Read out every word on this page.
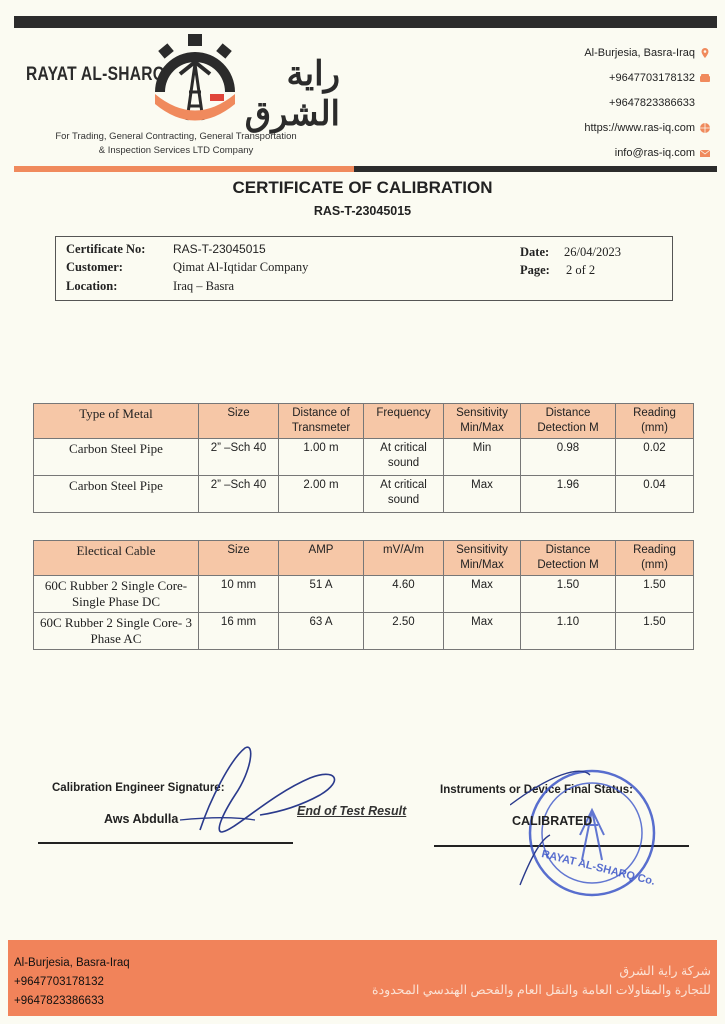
RAYAT AL-SHARQ	راية الشرق
For Trading, General Contracting, General Transportation
& Inspection Services LTD Company
Al-Burjesia, Basra-Iraq
+9647703178132
+9647823386633
https://www.ras-iq.com
info@ras-iq.com
CERTIFICATE OF CALIBRATION
RAS-T-23045015
Certificate No: RAS-T-23045015
Customer:	Qimat Al-Iqtidar Company
Location:	Iraq – Basra
Date: 26/04/2023
Page: 2 of 2
Type of Metal	Size	Distance of Transmeter	Frequency	Sensitivity Min/Max	Distance Detection M	Reading (mm)
Carbon Steel Pipe	2” –Sch 40	1.00 m	At critical sound	Min	0.98	0.02
Carbon Steel Pipe	2” –Sch 40	2.00 m	At critical sound	Max	1.96	0.04
Electical Cable	Size	AMP	mV/A/m	Sensitivity Min/Max	Distance Detection M	Reading (mm)
60C Rubber 2 Single Core- Single Phase DC	10 mm	51 A	4.60	Max	1.50	1.50
60C Rubber 2 Single Core- 3 Phase AC	16 mm	63 A	2.50	Max	1.10	1.50
Calibration Engineer Signature:
Aws Abdulla
End of Test Result
Instruments or Device Final Status:
CALIBRATED
RAYAT AL-SHARQ Co.
Al-Burjesia, Basra-Iraq
+9647703178132
+9647823386633
شركة راية الشرق
للتجارة والمقاولات العامة والنقل العام والفحص الهندسي المحدودة
